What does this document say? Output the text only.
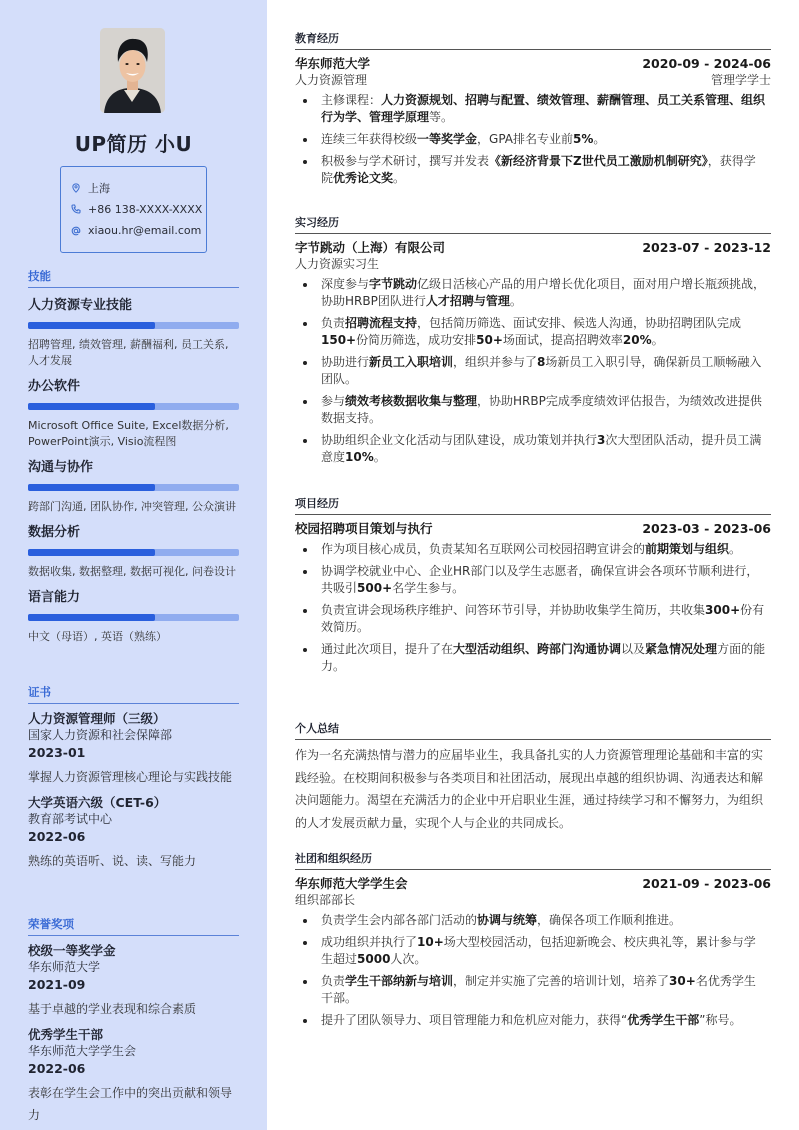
UP简历 小U
上海
+86 138-XXXX-XXXX
xiaou.hr@email.com
技能
人力资源专业技能
招聘管理, 绩效管理, 薪酬福利, 员工关系, 人才发展
办公软件
Microsoft Office Suite, Excel数据分析, PowerPoint演示, Visio流程图
沟通与协作
跨部门沟通, 团队协作, 冲突管理, 公众演讲
数据分析
数据收集, 数据整理, 数据可视化, 问卷设计
语言能力
中文（母语）, 英语（熟练）
证书
人力资源管理师（三级）
国家人力资源和社会保障部
2023-01
掌握人力资源管理核心理论与实践技能
大学英语六级（CET-6）
教育部考试中心
2022-06
熟练的英语听、说、读、写能力
荣誉奖项
校级一等奖学金
华东师范大学
2021-09
基于卓越的学业表现和综合素质
优秀学生干部
华东师范大学学生会
2022-06
表彰在学生会工作中的突出贡献和领导力
教育经历
华东师范大学	2020-09 - 2024-06
人力资源管理	管理学学士
主修课程：人力资源规划、招聘与配置、绩效管理、薪酬管理、员工关系管理、组织行为学、管理学原理等。
连续三年获得校级一等奖学金，GPA排名专业前5%。
积极参与学术研讨，撰写并发表《新经济背景下Z世代员工激励机制研究》，获得学院优秀论文奖。
实习经历
字节跳动（上海）有限公司	2023-07 - 2023-12
人力资源实习生
深度参与字节跳动亿级日活核心产品的用户增长优化项目，面对用户增长瓶颈挑战，协助HRBP团队进行人才招聘与管理。
负责招聘流程支持，包括简历筛选、面试安排、候选人沟通，协助招聘团队完成150+份简历筛选，成功安排50+场面试，提高招聘效率20%。
协助进行新员工入职培训，组织并参与了8场新员工入职引导，确保新员工顺畅融入团队。
参与绩效考核数据收集与整理，协助HRBP完成季度绩效评估报告，为绩效改进提供数据支持。
协助组织企业文化活动与团队建设，成功策划并执行3次大型团队活动，提升员工满意度10%。
项目经历
校园招聘项目策划与执行	2023-03 - 2023-06
作为项目核心成员，负责某知名互联网公司校园招聘宣讲会的前期策划与组织。
协调学校就业中心、企业HR部门以及学生志愿者，确保宣讲会各项环节顺利进行，共吸引500+名学生参与。
负责宣讲会现场秩序维护、问答环节引导，并协助收集学生简历，共收集300+份有效简历。
通过此次项目，提升了在大型活动组织、跨部门沟通协调以及紧急情况处理方面的能力。
个人总结
作为一名充满热情与潜力的应届毕业生，我具备扎实的人力资源管理理论基础和丰富的实践经验。在校期间积极参与各类项目和社团活动，展现出卓越的组织协调、沟通表达和解决问题能力。渴望在充满活力的企业中开启职业生涯，通过持续学习和不懈努力，为组织的人才发展贡献力量，实现个人与企业的共同成长。
社团和组织经历
华东师范大学学生会	2021-09 - 2023-06
组织部部长
负责学生会内部各部门活动的协调与统筹，确保各项工作顺利推进。
成功组织并执行了10+场大型校园活动，包括迎新晚会、校庆典礼等，累计参与学生超过5000人次。
负责学生干部纳新与培训，制定并实施了完善的培训计划，培养了30+名优秀学生干部。
提升了团队领导力、项目管理能力和危机应对能力，获得“优秀学生干部”称号。
